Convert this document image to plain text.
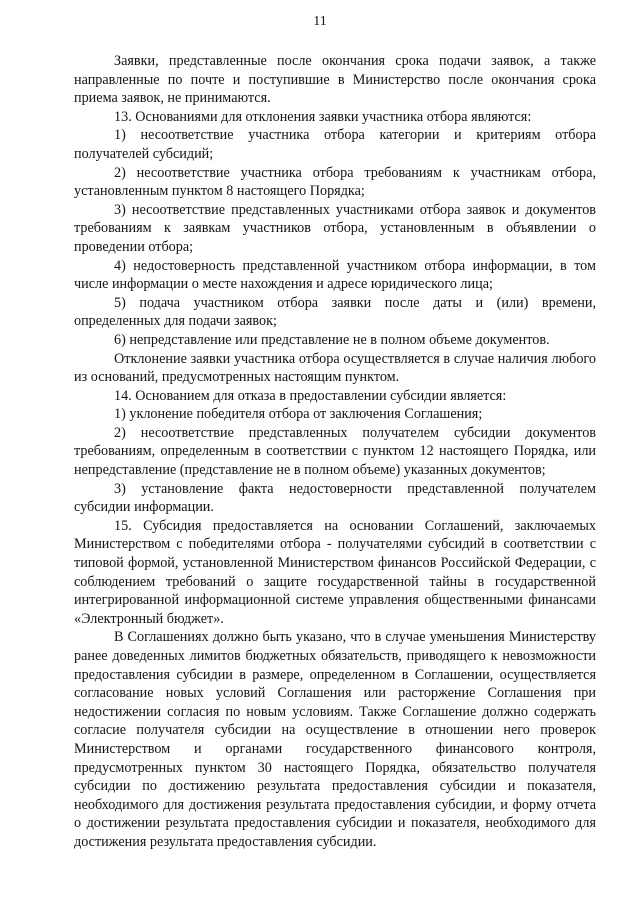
11

Заявки, представленные после окончания срока подачи заявок, а также направленные по почте и поступившие в Министерство после окончания срока приема заявок, не принимаются.

13. Основаниями для отклонения заявки участника отбора являются:

1) несоответствие участника отбора категории и критериям отбора получателей субсидий;

2) несоответствие участника отбора требованиям к участникам отбора, установленным пунктом 8 настоящего Порядка;

3) несоответствие представленных участниками отбора заявок и документов требованиям к заявкам участников отбора, установленным в объявлении о проведении отбора;

4) недостоверность представленной участником отбора информации, в том числе информации о месте нахождения и адресе юридического лица;

5) подача участником отбора заявки после даты и (или) времени, определенных для подачи заявок;

6) непредставление или представление не в полном объеме документов.

Отклонение заявки участника отбора осуществляется в случае наличия любого из оснований, предусмотренных настоящим пунктом.

14. Основанием для отказа в предоставлении субсидии является:

1) уклонение победителя отбора от заключения Соглашения;

2) несоответствие представленных получателем субсидии документов требованиям, определенным в соответствии с пунктом 12 настоящего Порядка, или непредставление (представление не в полном объеме) указанных документов;

3) установление факта недостоверности представленной получателем субсидии информации.

15. Субсидия предоставляется на основании Соглашений, заключаемых Министерством с победителями отбора - получателями субсидий в соответствии с типовой формой, установленной Министерством финансов Российской Федерации, с соблюдением требований о защите государственной тайны в государственной интегрированной информационной системе управления общественными финансами «Электронный бюджет».

В Соглашениях должно быть указано, что в случае уменьшения Министерству ранее доведенных лимитов бюджетных обязательств, приводящего к невозможности предоставления субсидии в размере, определенном в Соглашении, осуществляется согласование новых условий Соглашения или расторжение Соглашения при недостижении согласия по новым условиям. Также Соглашение должно содержать согласие получателя субсидии на осуществление в отношении него проверок Министерством и органами государственного финансового контроля, предусмотренных пунктом 30 настоящего Порядка, обязательство получателя субсидии по достижению результата предоставления субсидии и показателя, необходимого для достижения результата предоставления субсидии, и форму отчета о достижении результата предоставления субсидии и показателя, необходимого для достижения результата предоставления субсидии.
